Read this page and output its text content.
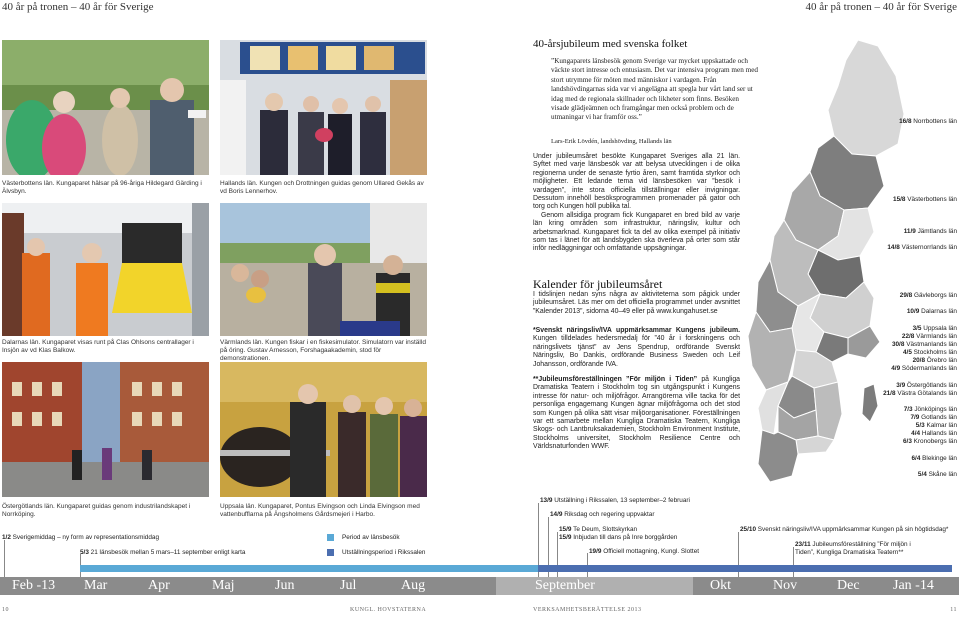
40 år på tronen – 40 år för Sverige	40 år på tronen – 40 år för Sverige
Västerbottens län. Kungaparet hälsar på 96-åriga Hildegard Gärding i Älvsbyn.
Hallands län. Kungen och Drottningen guidas genom Ullared Gekås av vd Boris Lennerhov.
Dalarnas län. Kungaparet visas runt på Clas Ohlsons centrallager i Insjön av vd Klas Balkow.
Värmlands län. Kungen fiskar i en fiskesimulator. Simulatorn var inställd på öring. Gustav Arnesson, Forshagaakademin, stod för demonstrationen.
Östergötlands län. Kungaparet guidas genom industrilandskapet i Norrköping.
Uppsala län. Kungaparet, Pontus Elvingson och Linda Elvingson med vattenbufflarna på Ängsholmens Gårdsmejeri i Harbo.
40-årsjubileum med svenska folket
”Kungaparets länsbesök genom Sverige var mycket uppskattade och väckte stort intresse och entusiasm. Det var intensiva program men med stort utrymme för möten med människor i vardagen. Från landshövdingarnas sida var vi angelägna att spegla hur vårt land ser ut idag med de regionala skillnader och likheter som finns. Besöken visade glädjeämnen och framgångar men också problem och de utmaningar vi har framför oss.”
Lars-Erik Lövdén, landshövding, Hallands län
Under jubileumsåret besökte Kungaparet Sveriges alla 21 län. Syftet med varje länsbesök var att belysa utvecklingen i de olika regionerna under de senaste fyrtio åren, samt framtida styrkor och möjligheter. Ett ledande tema vid länsbesöken var ”besök i vardagen”, inte stora officiella tillställningar eller invigningar. Dessutom innehöll besöksprogrammen promenader på gator och torg och Kungen höll publika tal.
Genom allsidiga program fick Kungaparet en bred bild av varje län kring områden som infrastruktur, näringsliv, kultur och arbetsmarknad. Kungaparet fick ta del av olika exempel på initiativ som tas i länet för att landsbygden ska överleva på orter som står inför nedläggningar och omfattande uppsägningar.
Kalender för jubileumsåret
I tidslinjen nedan syns några av aktiviteterna som pågick under jubileumsåret. Läs mer om det officiella programmet under avsnittet ”Kalender 2013”, sidorna 40–49 eller på www.kungahuset.se
*Svenskt näringsliv/IVA uppmärksammar Kungens jubileum. Kungen tilldelades hedersmedalj för ”40 år i forskningens och näringslivets tjänst” av Jens Spendrup, ordförande Svenskt Näringsliv, Bo Dankis, ordförande Business Sweden och Leif Johansson, ordförande IVA.
**Jubileumsföreställningen ”För miljön i Tiden” på Kungliga Dramatiska Teatern i Stockholm tog sin utgångspunkt i Kungens intresse för natur- och miljöfrågor. Arrangörerna ville tacka för det personliga engagemang Kungen ägnar miljöfrågorna och det stod som Kungen på olika sätt visar miljöorganisationer. Föreställningen var ett samarbete mellan Kungliga Dramatiska Teatern, Kungliga Skogs- och Lantbruksakademien, Stockholm Environment Institute, Stockholms universitet, Stockholm Resilience Centre och Världsnaturfonden WWF.
16/8 Norrbottens län
15/8 Västerbottens län
11/9 Jämtlands län
14/8 Västernorrlands län
29/8 Gävleborgs län
10/9 Dalarnas län
3/5 Uppsala län
22/8 Värmlands län
30/8 Västmanlands län
4/5 Stockholms län
20/8 Örebro län
4/9 Södermanlands län
3/9 Östergötlands län
21/8 Västra Götalands län
7/3 Jönköpings län
7/9 Gotlands län
5/3 Kalmar län
4/4 Hallands län
6/3 Kronobergs län
6/4 Blekinge län
5/4 Skåne län
1/2 Sverigemiddag – ny form av representationsmiddag
5/3 21 länsbesök mellan 5 mars–11 september enligt karta
13/9 Utställning i Rikssalen, 13 september–2 februari
14/9 Riksdag och regering uppvaktar
15/9 Te Deum, Slottskyrkan
15/9 Inbjudan till dans på Inre borggården
19/9 Officiell mottagning, Kungl. Slottet
25/10 Svenskt näringsliv/IVA uppmärksammar Kungen på sin högtidsdag*
23/11 Jubileumsföreställning ”För miljön i Tiden”, Kungliga Dramatiska Teatern**
Period av länsbesök
Utställningsperiod i Rikssalen
Feb -13 Mar	Apr	Maj	Jun	Jul	Aug	September	Okt	Nov	Dec Jan -14
10	KUNGL. HOVSTATERNA	VERKSAMHETSBERÄTTELSE 2013	11
